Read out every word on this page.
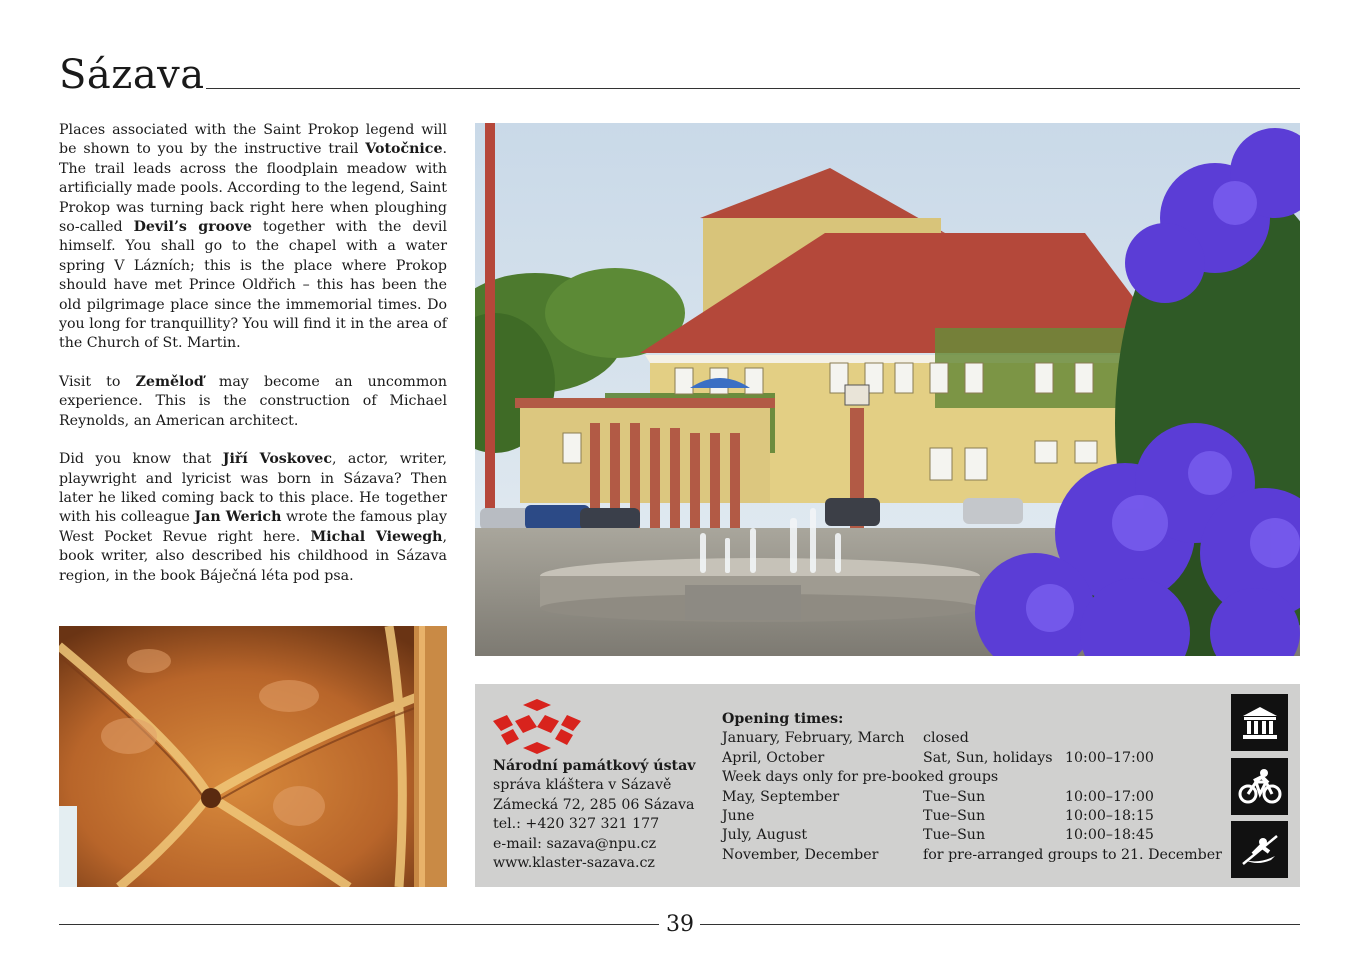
Sázava

Places associated with the Saint Prokop legend will be shown to you by the instructive trail Votočnice. The trail leads across the floodplain meadow with artificially made pools. According to the legend, Saint Prokop was turning back right here when ploughing so-called Devil’s groove together with the devil himself. You shall go to the chapel with a water spring V Lázních; this is the place where Prokop should have met Prince Oldřich – this has been the old pilgrimage place since the immemorial times. Do you long for tranquillity? You will find it in the area of the Church of St. Martin.

Visit to Zeměloď may become an uncommon experience. This is the construction of Michael Reynolds, an American architect.

Did you know that Jiří Voskovec, actor, writer, playwright and lyricist was born in Sázava? Then later he liked coming back to this place. He together with his colleague Jan Werich wrote the famous play West Pocket Revue right here. Michal Viewegh, book writer, also described his childhood in Sázava region, in the book Báječná léta pod psa.

Národní památkový ústav
správa kláštera v Sázavě
Zámecká 72, 285 06 Sázava
tel.: +420 327 321 177
e-mail: sazava@npu.cz
www.klaster-sazava.cz
Opening times:
January, February, March closed
April, October	Sat, Sun, holidays 10:00–17:00
Week days only for pre-booked groups
May, September	Tue–Sun	10:00–17:00
June	Tue–Sun	10:00–18:15
July, August	Tue–Sun	10:00–18:45
November, December	for pre-arranged groups to 21. December
39
